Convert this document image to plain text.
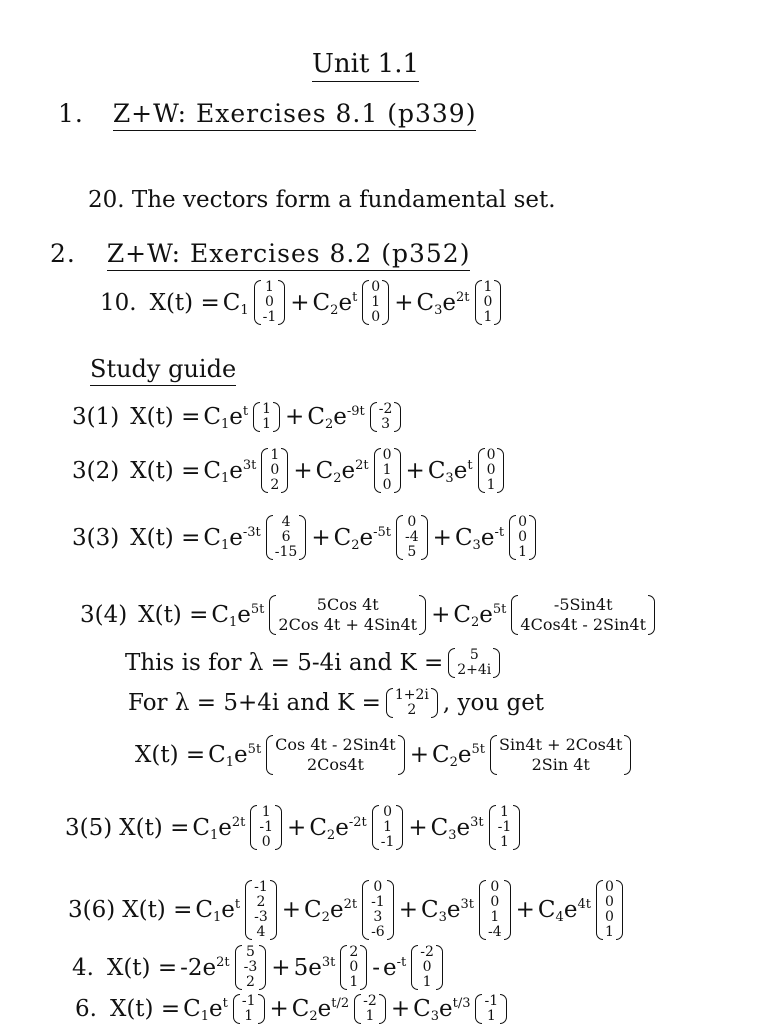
Unit 1.1
1. Z+W: Exercises 8.1 (p339)
20. The vectors form a fundamental set.
2. Z+W: Exercises 8.2 (p352)
10. $X(t) = C_1$
1
0
-1
+ $C_2e^t$
0
1
0
+ $C_3e^{2t}$
1
0
1
Study guide
3(1) $X(t) = C_1e^t$ 1
$1 + C_2e^{-9t}$ -2
3
3(2) $X(t) = C_1e^{3t}$
1
0
2
+ $C_2e^{2t}$
0
1
0
+ $C_3e^t$
0
0
1
3(3) $X(t) = C_1e^{-3t}$
4
6
-15
+ $C_2e^{-5t}$
0
-4
5
+ $C_3e^{-t}$
0
0
1
3(4) $X(t) = C_1e^{5t}$	5Cos 4t
2Cos $4t + 4Sin4t + C_2e^{5t}$	-5Sin4t
4Cos4t - 2Sin4t
This is for λ = 5-4i and K = 5
2+4i
For λ = 5+4i and K = 1+2i
2 , you get
$X(t) = C_1e^{5t}$ Cos 4t - 2Sin4t
$2Cos4t + C_2e^{5t}$ Sin4t + 2Cos4t
2Sin 4t
3(5) $X(t) = C_1e^{2t}$
1
-1
0
+ $C_2e^{-2t}$
0
1
-1
+ $C_3e^{3t}$
1
-1
1
3(6) $X(t) = C_1e^t$
-1
2
-3
4
+ $C_2e^{2t}$
0
-1
3
-6
+ $C_3e^{3t}$
0
0
1
-4
+ $C_4e^{4t}$
0
0
0
1
4. $X(t) = -2e^{2t}$
5
-3
2
+ $5e^{3t}$
2
0
1
- $e^{-t}$
-2
0
1
6. $X(t) = C_1e^t$ -1
$1 + C_2e^{t/2}$ -2
$1 + C_3e^{t/3}$ -1
1
